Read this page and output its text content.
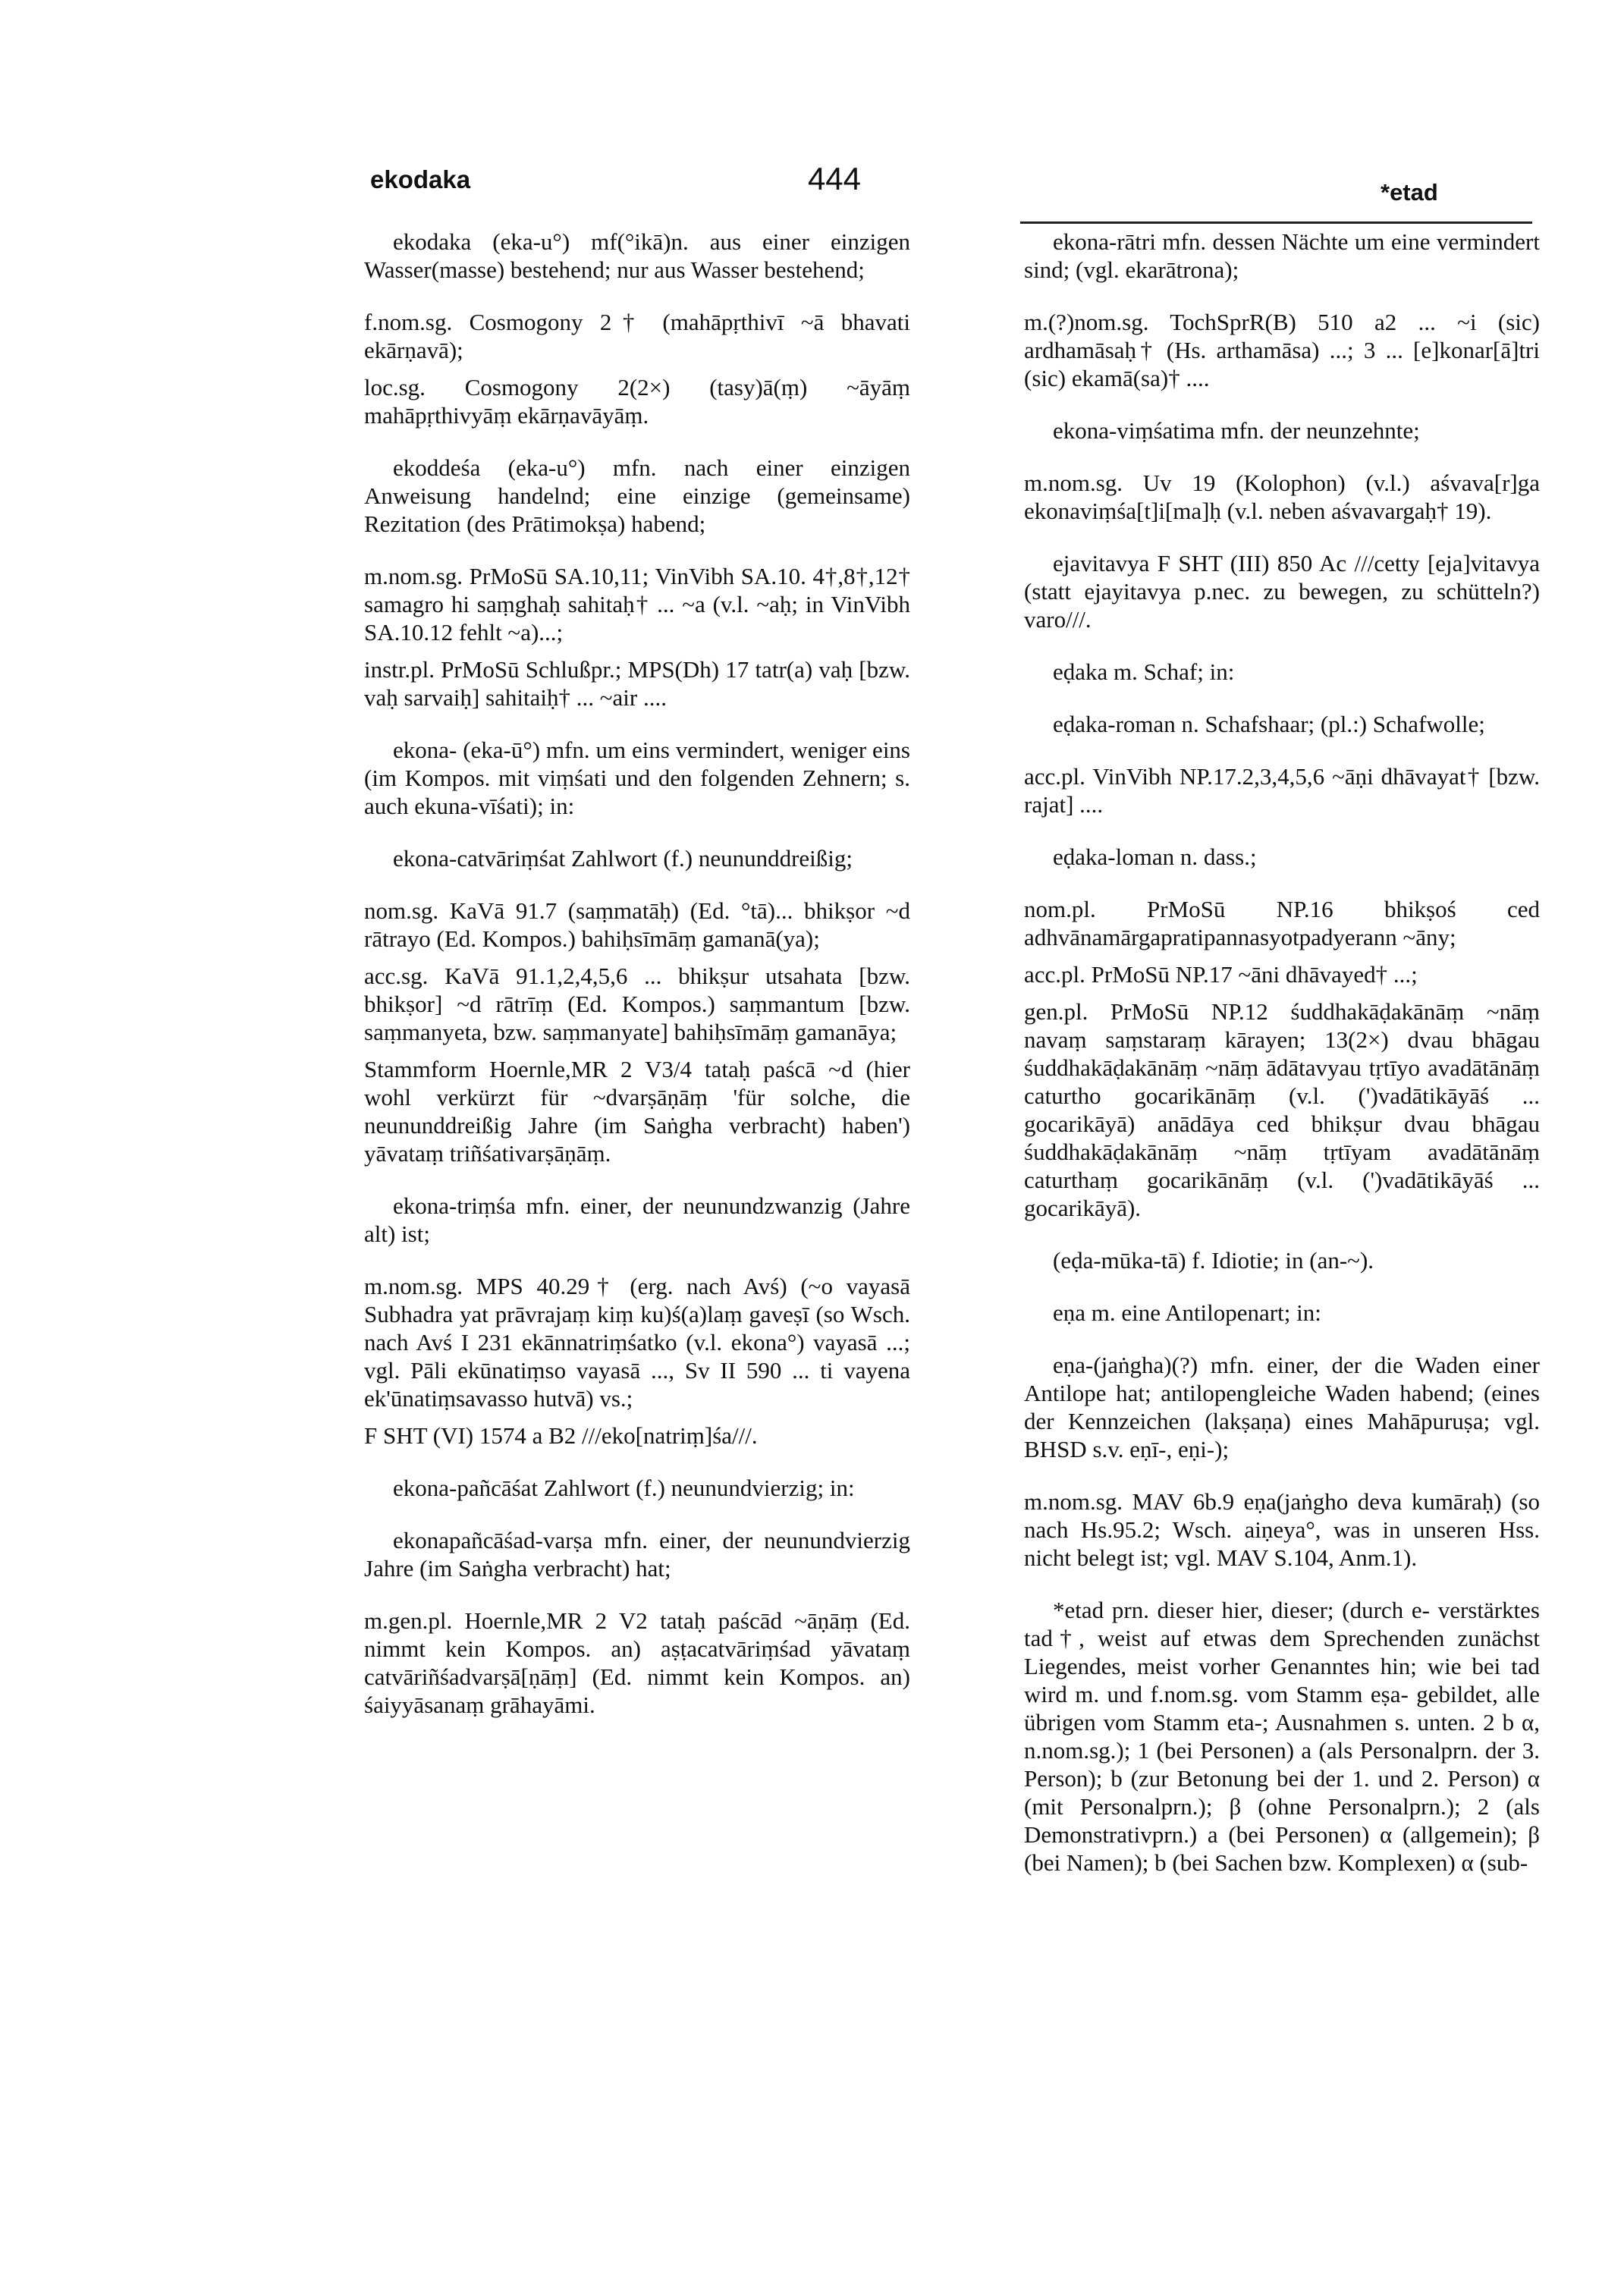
ekodaka	444	*etad

ekodaka (eka-u°) mf(°ikā)n. aus einer einzigen Wasser(masse) bestehend; nur aus Wasser bestehend;

f.nom.sg. Cosmogony 2† (mahāpṛthivī ~ā bhavati ekārṇavā);

loc.sg. Cosmogony 2(2×) (tasy)ā(ṃ) ~āyāṃ mahāpṛthivyāṃ ekārṇavāyāṃ.

ekoddeśa (eka-u°) mfn. nach einer einzigen Anweisung handelnd; eine einzige (gemeinsame) Rezitation (des Prātimokṣa) habend;

m.nom.sg. PrMoSū SA.10,11; VinVibh SA.10. 4†,8†,12† samagro hi saṃghaḥ sahitaḥ† ... ~a (v.l. ~aḥ; in VinVibh SA.10.12 fehlt ~a)...;

instr.pl. PrMoSū Schlußpr.; MPS(Dh) 17 tatr(a) vaḥ [bzw. vaḥ sarvaiḥ] sahitaiḥ† ... ~air ....

ekona- (eka-ū°) mfn. um eins vermindert, weniger eins (im Kompos. mit viṃśati und den folgenden Zehnern; s. auch ekuna-vīśati); in:

ekona-catvāriṃśat Zahlwort (f.) neununddreißig;

nom.sg. KaVā 91.7 (saṃmatāḥ) (Ed. °tā)... bhikṣor ~d rātrayo (Ed. Kompos.) bahiḥsīmāṃ gamanā(ya);

acc.sg. KaVā 91.1,2,4,5,6 ... bhikṣur utsahata [bzw. bhikṣor] ~d rātrīṃ (Ed. Kompos.) saṃmantum [bzw. saṃmanyeta, bzw. saṃmanyate] bahiḥsīmāṃ gamanāya;

Stammform Hoernle,MR 2 V3/4 tataḥ paścā ~d (hier wohl verkürzt für ~dvarṣāṇāṃ 'für solche, die neununddreißig Jahre (im Saṅgha verbracht) haben') yāvataṃ triñśativarṣāṇāṃ.

ekona-triṃśa mfn. einer, der neunundzwanzig (Jahre alt) ist;

m.nom.sg. MPS 40.29† (erg. nach Avś) (~o vayasā Subhadra yat prāvrajaṃ kiṃ ku)ś(a)laṃ gaveṣī (so Wsch. nach Avś I 231 ekānnatriṃśatko (v.l. ekona°) vayasā ...; vgl. Pāli ekūnatiṃso vayasā ..., Sv II 590 ... ti vayena ek'ūnatiṃsavasso hutvā) vs.;

F SHT (VI) 1574 a B2 ///eko[natriṃ]śa///.

ekona-pañcāśat Zahlwort (f.) neunundvierzig; in:

ekonapañcāśad-varṣa mfn. einer, der neunundvierzig Jahre (im Saṅgha verbracht) hat;

m.gen.pl. Hoernle,MR 2 V2 tataḥ paścād ~āṇāṃ (Ed. nimmt kein Kompos. an) aṣṭacatvāriṃśad yāvataṃ catvāriñśadvarṣā[ṇāṃ] (Ed. nimmt kein Kompos. an) śaiyyāsanaṃ grāhayāmi.

ekona-rātri mfn. dessen Nächte um eine vermindert sind; (vgl. ekarātrona);

m.(?)nom.sg. TochSprR(B) 510 a2 ... ~i (sic) ardhamāsaḥ† (Hs. arthamāsa) ...; 3 ... [e]konar[ā]tri (sic) ekamā(sa)† ....

ekona-viṃśatima mfn. der neunzehnte;

m.nom.sg. Uv 19 (Kolophon) (v.l.) aśvava[r]ga ekonaviṃśa[t]i[ma]ḥ (v.l. neben aśvavargaḥ† 19).

ejavitavya F SHT (III) 850 Ac ///cetty [eja]vitavya (statt ejayitavya p.nec. zu bewegen, zu schütteln?) varo///.

eḍaka m. Schaf; in:

eḍaka-roman n. Schafshaar; (pl.:) Schafwolle;

acc.pl. VinVibh NP.17.2,3,4,5,6 ~āṇi dhāvayat† [bzw. rajat] ....

eḍaka-loman n. dass.;

nom.pl. PrMoSū NP.16 bhikṣoś ced adhvānamārgapratipannasyotpadyerann ~āny;

acc.pl. PrMoSū NP.17 ~āni dhāvayed† ...;

gen.pl. PrMoSū NP.12 śuddhakāḍakānāṃ ~nāṃ navaṃ saṃstaraṃ kārayen; 13(2×) dvau bhāgau śuddhakāḍakānāṃ ~nāṃ ādātavyau tṛtīyo avadātānāṃ caturtho gocarikānāṃ (v.l. (')vadātikāyāś ... gocarikāyā) anādāya ced bhikṣur dvau bhāgau śuddhakāḍakānāṃ ~nāṃ tṛtīyam avadātānāṃ caturthaṃ gocarikānāṃ (v.l. (')vadātikāyāś ... gocarikāyā).

(eḍa-mūka-tā) f. Idiotie; in (an-~).

eṇa m. eine Antilopenart; in:

eṇa-(jaṅgha)(?) mfn. einer, der die Waden einer Antilope hat; antilopengleiche Waden habend; (eines der Kennzeichen (lakṣaṇa) eines Mahāpuruṣa; vgl. BHSD s.v. eṇī-, eṇi-);

m.nom.sg. MAV 6b.9 eṇa(jaṅgho deva kumāraḥ) (so nach Hs.95.2; Wsch. aiṇeya°, was in unseren Hss. nicht belegt ist; vgl. MAV S.104, Anm.1).

*etad prn. dieser hier, dieser; (durch e- verstärktes tad†, weist auf etwas dem Sprechenden zunächst Liegendes, meist vorher Genanntes hin; wie bei tad wird m. und f.nom.sg. vom Stamm eṣa- gebildet, alle übrigen vom Stamm eta-; Ausnahmen s. unten. 2 b α, n.nom.sg.); 1 (bei Personen) a (als Personalprn. der 3. Person); b (zur Betonung bei der 1. und 2. Person) α (mit Personalprn.); β (ohne Personalprn.); 2 (als Demonstrativprn.) a (bei Personen) α (allgemein); β (bei Namen); b (bei Sachen bzw. Komplexen) α (sub-
